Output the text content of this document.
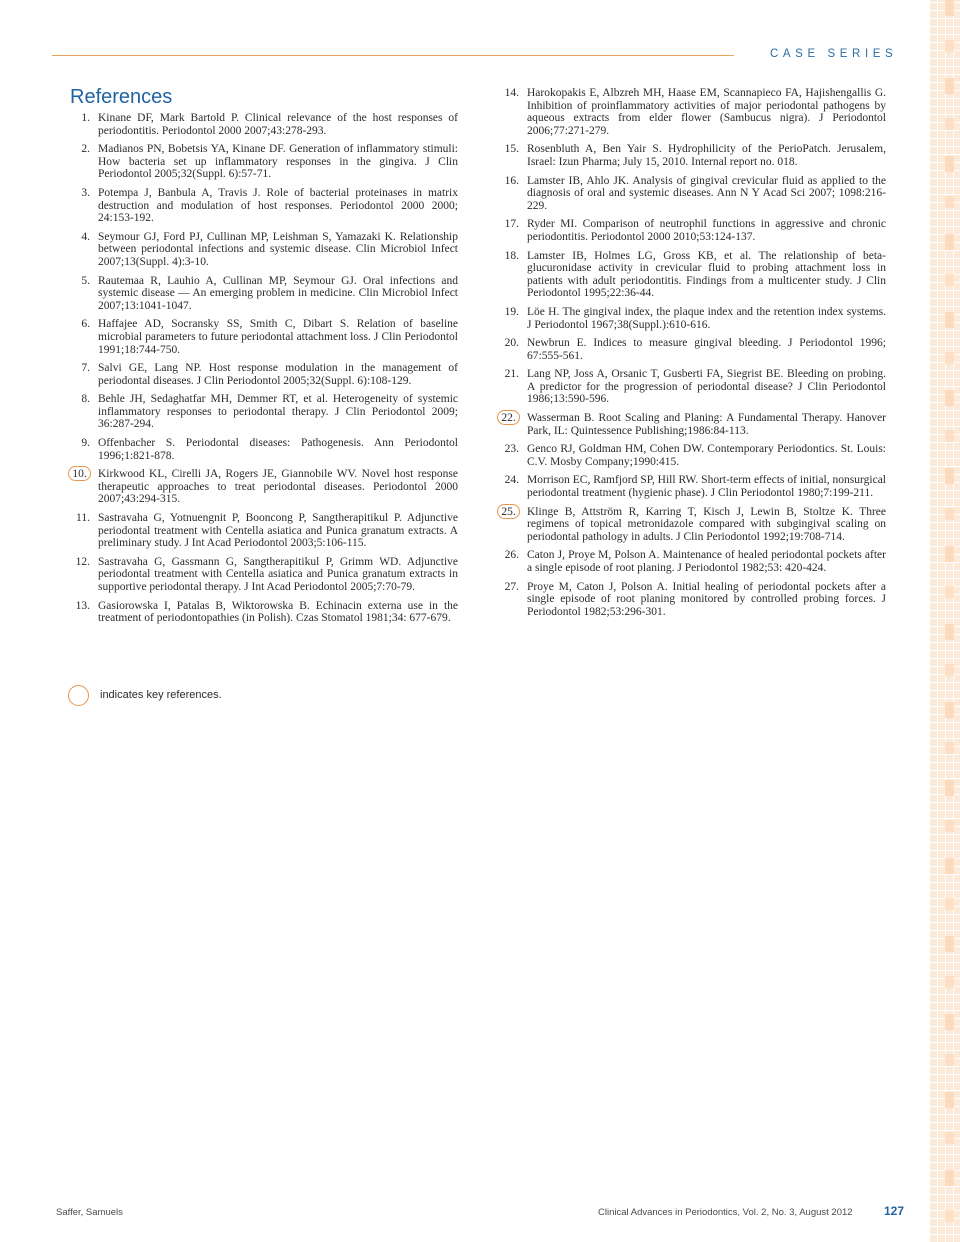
CASE SERIES
References
1. Kinane DF, Mark Bartold P. Clinical relevance of the host responses of periodontitis. Periodontol 2000 2007;43:278-293.
2. Madianos PN, Bobetsis YA, Kinane DF. Generation of inflammatory stimuli: How bacteria set up inflammatory responses in the gingiva. J Clin Periodontol 2005;32(Suppl. 6):57-71.
3. Potempa J, Banbula A, Travis J. Role of bacterial proteinases in matrix destruction and modulation of host responses. Periodontol 2000 2000; 24:153-192.
4. Seymour GJ, Ford PJ, Cullinan MP, Leishman S, Yamazaki K. Relationship between periodontal infections and systemic disease. Clin Microbiol Infect 2007;13(Suppl. 4):3-10.
5. Rautemaa R, Lauhio A, Cullinan MP, Seymour GJ. Oral infections and systemic disease — An emerging problem in medicine. Clin Microbiol Infect 2007;13:1041-1047.
6. Haffajee AD, Socransky SS, Smith C, Dibart S. Relation of baseline microbial parameters to future periodontal attachment loss. J Clin Periodontol 1991;18:744-750.
7. Salvi GE, Lang NP. Host response modulation in the management of periodontal diseases. J Clin Periodontol 2005;32(Suppl. 6):108-129.
8. Behle JH, Sedaghatfar MH, Demmer RT, et al. Heterogeneity of systemic inflammatory responses to periodontal therapy. J Clin Periodontol 2009; 36:287-294.
9. Offenbacher S. Periodontal diseases: Pathogenesis. Ann Periodontol 1996;1:821-878.
10. Kirkwood KL, Cirelli JA, Rogers JE, Giannobile WV. Novel host response therapeutic approaches to treat periodontal diseases. Periodontol 2000 2007;43:294-315.
11. Sastravaha G, Yotnuengnit P, Booncong P, Sangtherapitikul P. Adjunctive periodontal treatment with Centella asiatica and Punica granatum extracts. A preliminary study. J Int Acad Periodontol 2003;5:106-115.
12. Sastravaha G, Gassmann G, Sangtherapitikul P, Grimm WD. Adjunctive periodontal treatment with Centella asiatica and Punica granatum extracts in supportive periodontal therapy. J Int Acad Periodontol 2005;7:70-79.
13. Gasiorowska I, Patalas B, Wiktorowska B. Echinacin externa use in the treatment of periodontopathies (in Polish). Czas Stomatol 1981;34: 677-679.
14. Harokopakis E, Albzreh MH, Haase EM, Scannapieco FA, Hajishengallis G. Inhibition of proinflammatory activities of major periodontal pathogens by aqueous extracts from elder flower (Sambucus nigra). J Periodontol 2006;77:271-279.
15. Rosenbluth A, Ben Yair S. Hydrophilicity of the PerioPatch. Jerusalem, Israel: Izun Pharma; July 15, 2010. Internal report no. 018.
16. Lamster IB, Ahlo JK. Analysis of gingival crevicular fluid as applied to the diagnosis of oral and systemic diseases. Ann N Y Acad Sci 2007; 1098:216-229.
17. Ryder MI. Comparison of neutrophil functions in aggressive and chronic periodontitis. Periodontol 2000 2010;53:124-137.
18. Lamster IB, Holmes LG, Gross KB, et al. The relationship of beta-glucuronidase activity in crevicular fluid to probing attachment loss in patients with adult periodontitis. Findings from a multicenter study. J Clin Periodontol 1995;22:36-44.
19. Löe H. The gingival index, the plaque index and the retention index systems. J Periodontol 1967;38(Suppl.):610-616.
20. Newbrun E. Indices to measure gingival bleeding. J Periodontol 1996; 67:555-561.
21. Lang NP, Joss A, Orsanic T, Gusberti FA, Siegrist BE. Bleeding on probing. A predictor for the progression of periodontal disease? J Clin Periodontol 1986;13:590-596.
22. Wasserman B. Root Scaling and Planing: A Fundamental Therapy. Hanover Park, IL: Quintessence Publishing;1986:84-113.
23. Genco RJ, Goldman HM, Cohen DW. Contemporary Periodontics. St. Louis: C.V. Mosby Company;1990:415.
24. Morrison EC, Ramfjord SP, Hill RW. Short-term effects of initial, nonsurgical periodontal treatment (hygienic phase). J Clin Periodontol 1980;7:199-211.
25. Klinge B, Attström R, Karring T, Kisch J, Lewin B, Stoltze K. Three regimens of topical metronidazole compared with subgingival scaling on periodontal pathology in adults. J Clin Periodontol 1992;19:708-714.
26. Caton J, Proye M, Polson A. Maintenance of healed periodontal pockets after a single episode of root planing. J Periodontol 1982;53: 420-424.
27. Proye M, Caton J, Polson A. Initial healing of periodontal pockets after a single episode of root planing monitored by controlled probing forces. J Periodontol 1982;53:296-301.
indicates key references.
Saffer, Samuels	Clinical Advances in Periodontics, Vol. 2, No. 3, August 2012	127
